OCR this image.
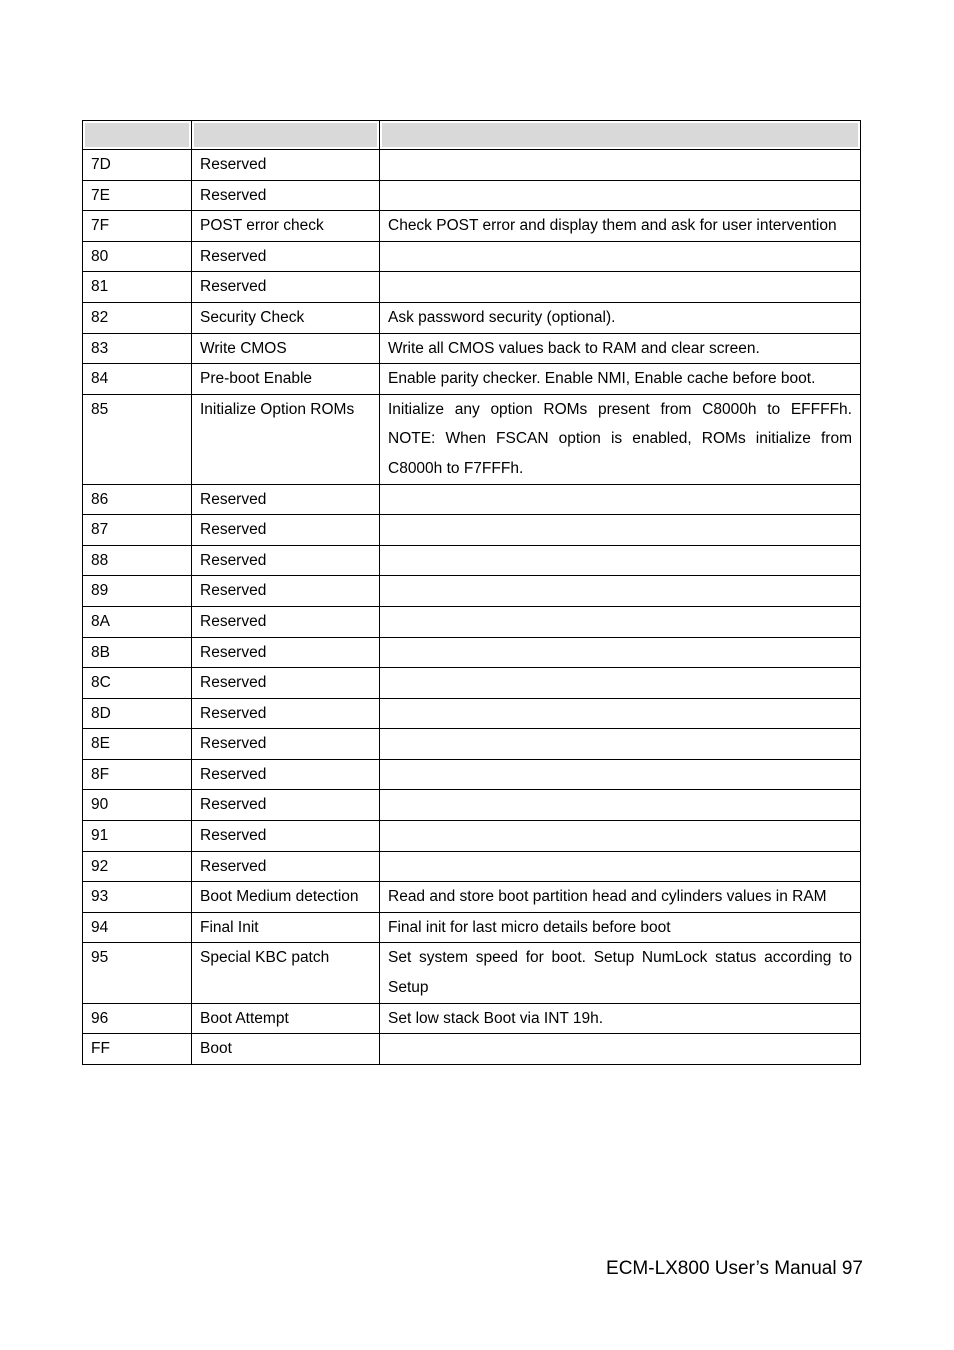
7D	Reserved	
7E	Reserved	
7F	POST error check	Check POST error and display them and ask for user intervention
80	Reserved	
81	Reserved	
82	Security Check	Ask password security (optional).
83	Write CMOS	Write all CMOS values back to RAM and clear screen.
84	Pre-boot Enable	Enable parity checker. Enable NMI, Enable cache before boot.
85	Initialize Option ROMs	Initialize any option ROMs present from C8000h to EFFFFh. NOTE: When FSCAN option is enabled, ROMs initialize from C8000h to F7FFFh.
86	Reserved	
87	Reserved	
88	Reserved	
89	Reserved	
8A	Reserved	
8B	Reserved	
8C	Reserved	
8D	Reserved	
8E	Reserved	
8F	Reserved	
90	Reserved	
91	Reserved	
92	Reserved	
93	Boot Medium detection	Read and store boot partition head and cylinders values in RAM
94	Final Init	Final init for last micro details before boot
95	Special KBC patch	Set system speed for boot. Setup NumLock status according to Setup
96	Boot Attempt	Set low stack Boot via INT 19h.
FF	Boot	
ECM-LX800 User’s Manual 97
